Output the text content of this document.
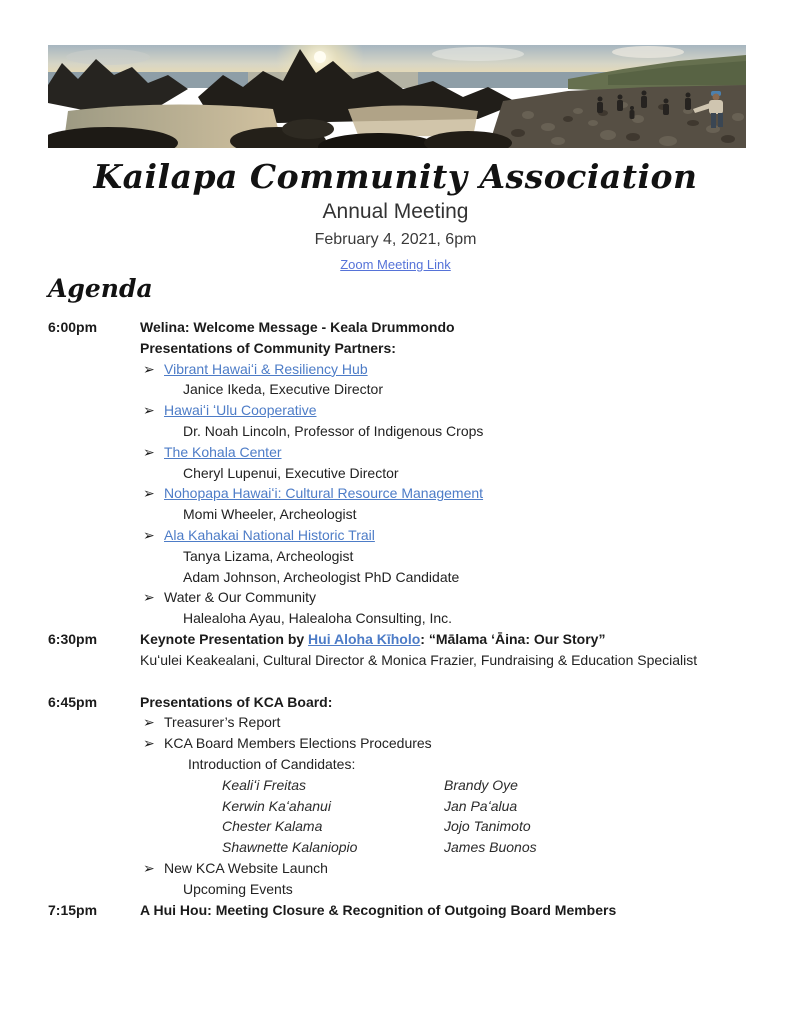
Kailapa Community Association
Annual Meeting
February 4, 2021, 6pm
Zoom Meeting Link
Agenda
6:00pm	Welina: Welcome Message - Keala Drummondo
Presentations of Community Partners:
➢ Vibrant Hawaiʻi & Resiliency Hub
Janice Ikeda, Executive Director
➢ Hawaiʻi ʻUlu Cooperative
Dr. Noah Lincoln, Professor of Indigenous Crops
➢ The Kohala Center
Cheryl Lupenui, Executive Director
➢ Nohopapa Hawaiʻi: Cultural Resource Management
Momi Wheeler, Archeologist
➢ Ala Kahakai National Historic Trail
Tanya Lizama, Archeologist
Adam Johnson, Archeologist PhD Candidate
➢ Water & Our Community
Halealoha Ayau, Halealoha Consulting, Inc.
6:30pm	Keynote Presentation by Hui Aloha Kīholo: “Mālama ʻĀina: Our Story”
Kuʻulei Keakealani, Cultural Director & Monica Frazier, Fundraising & Education Specialist
6:45pm	Presentations of KCA Board:
➢ Treasurer’s Report
➢ KCA Board Members Elections Procedures
Introduction of Candidates:
Kealiʻi Freitas	Brandy Oye
Kerwin Kaʻahanui	Jan Paʻalua
Chester Kalama	Jojo Tanimoto
Shawnette Kalaniopio	James Buonos
➢ New KCA Website Launch
Upcoming Events
7:15pm	A Hui Hou: Meeting Closure & Recognition of Outgoing Board Members
